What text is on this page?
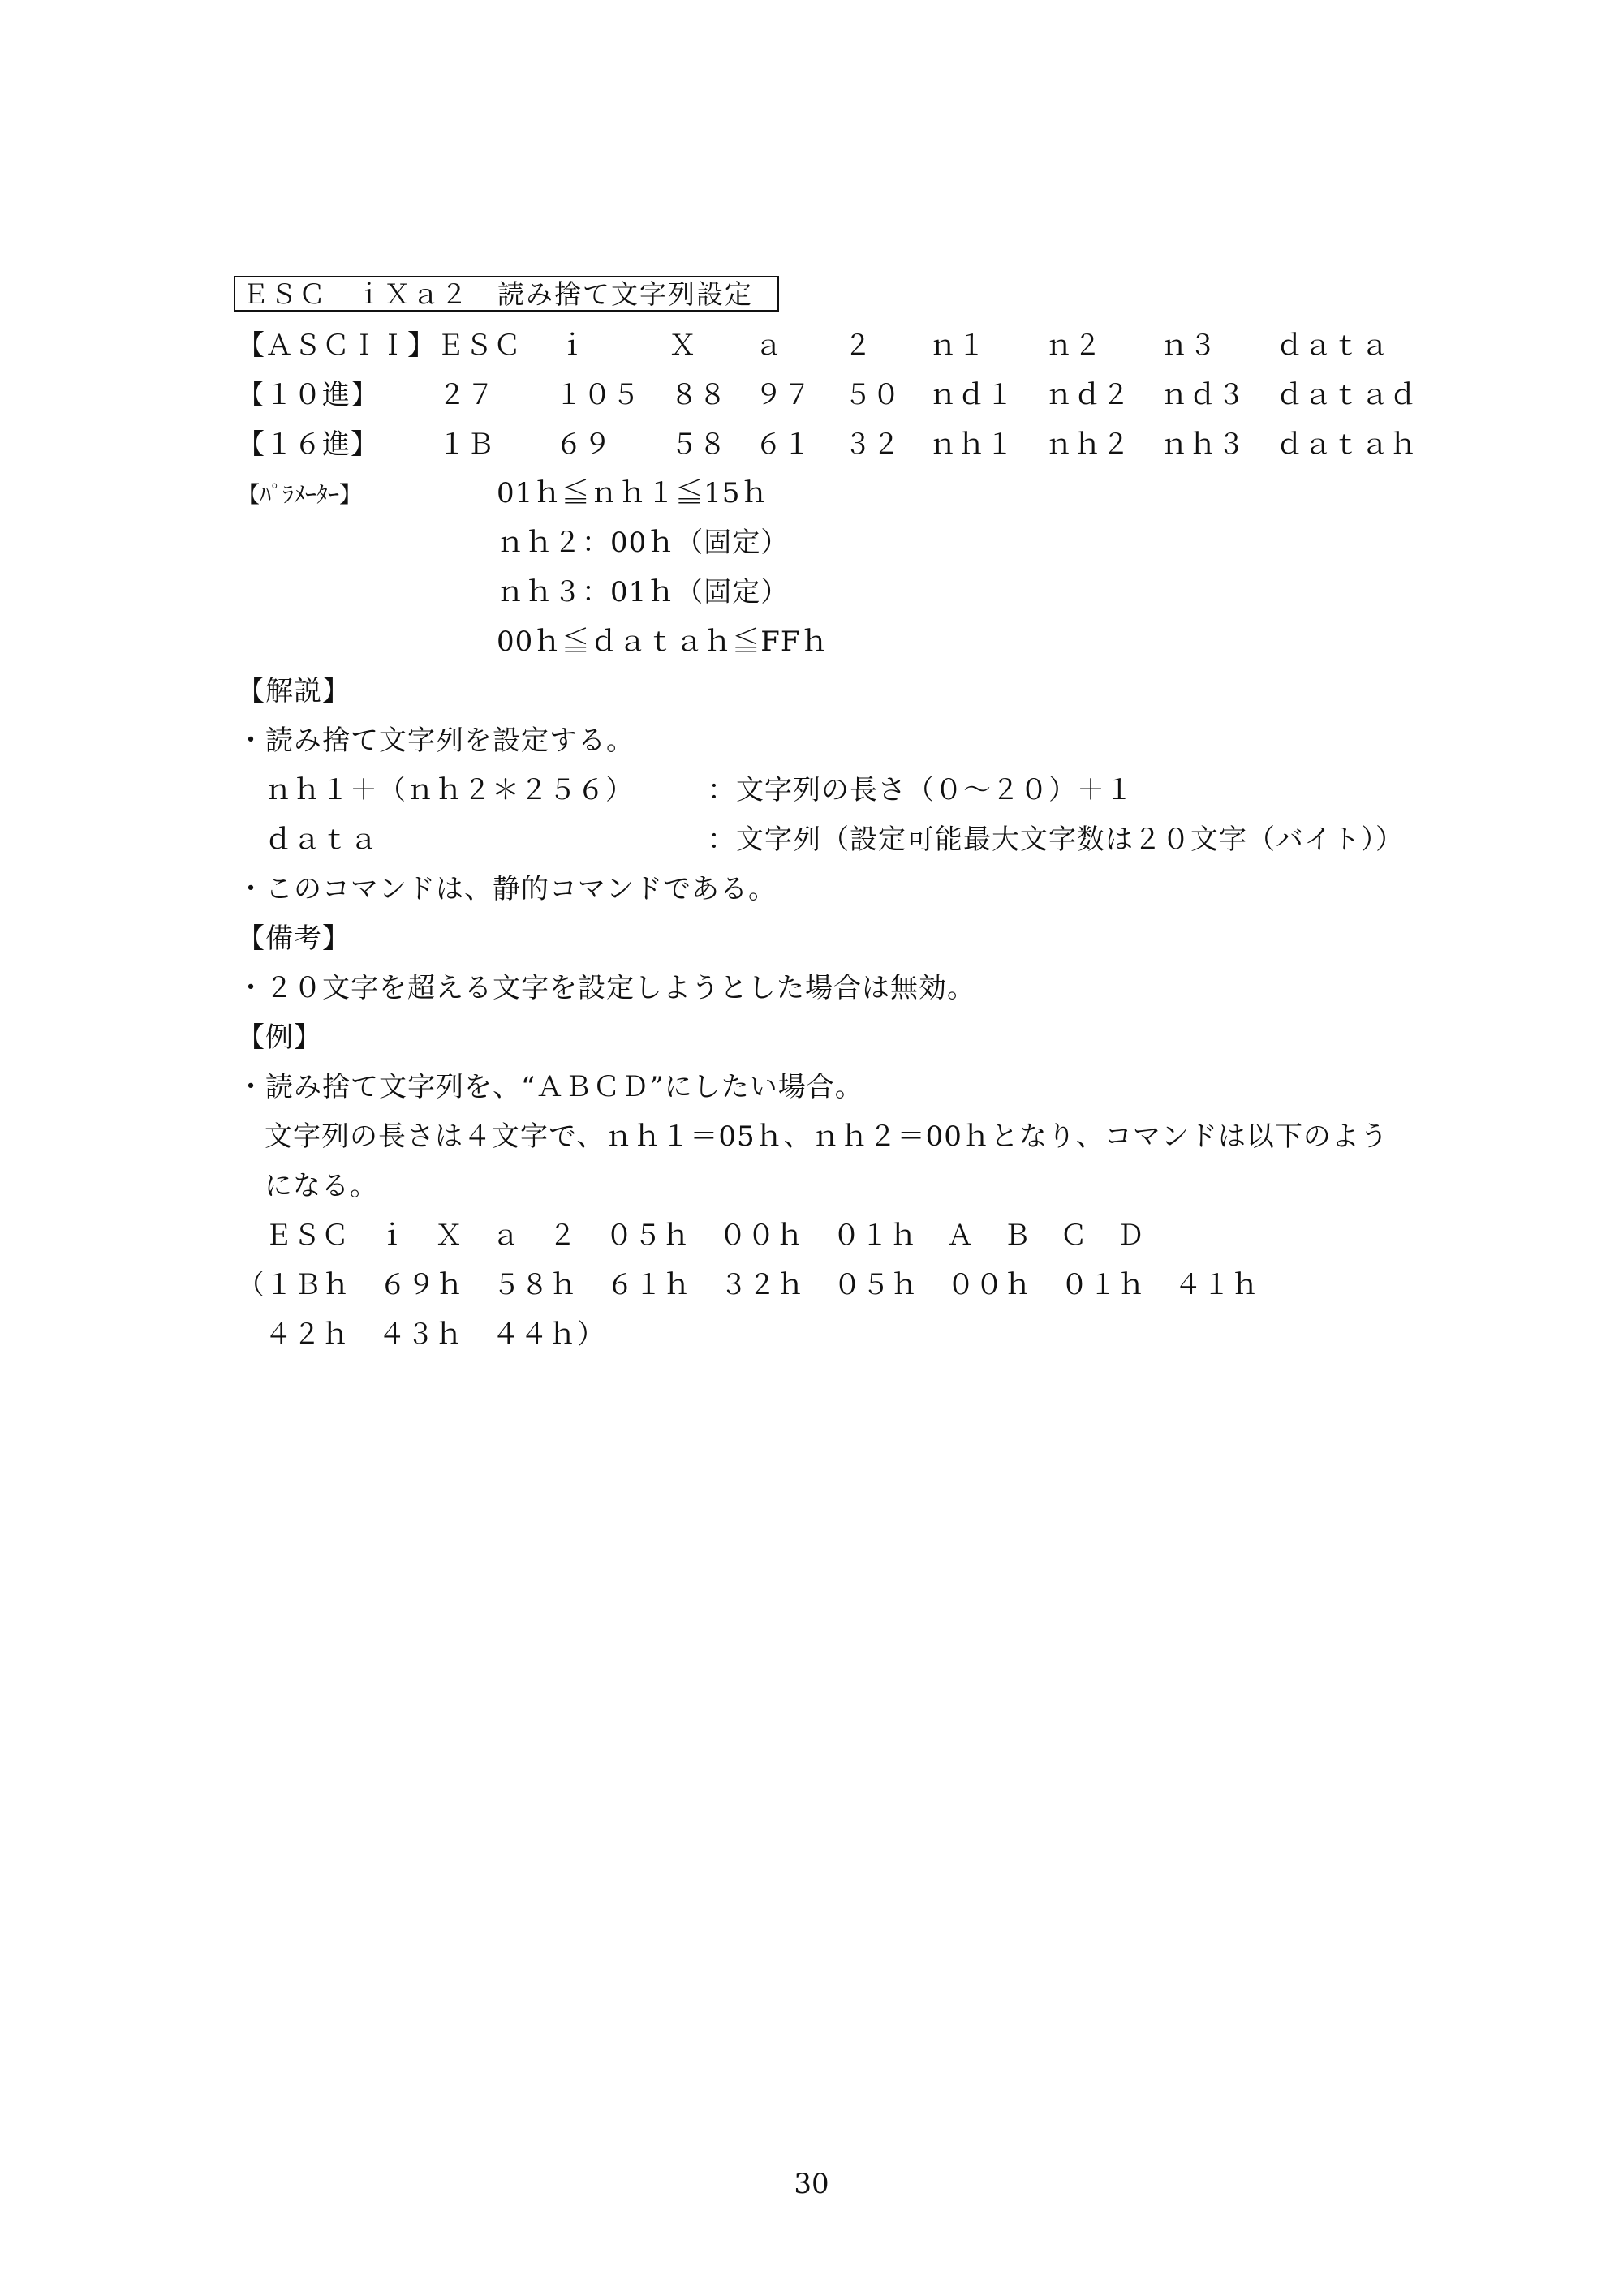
ＥＳＣ　ｉＸａ２　読み捨て文字列設定
【ＡＳＣＩＩ】 ＥＳＣ ｉ	Ｘ ａ ２ ｎ１ ｎ２ ｎ３ ｄａｔａ
【１０進】 ２７ １０５ ８８ ９７ ５０ ｎｄ１ ｎｄ２ ｎｄ３ ｄａｔａｄ
【１６進】 １Ｂ ６９ ５８ ６１ ３２ ｎｈ１ ｎｈ２ ｎｈ３ ｄａｔａｈ
【ﾊﾟﾗﾒｰﾀｰ】	01ｈ≦ｎｈ１≦15ｈ
ｎｈ２：00ｈ（固定）
ｎｈ３：01ｈ（固定）
00ｈ≦ｄａｔａｈ≦FFｈ
【解説】
・読み捨て文字列を設定する。
ｎｈ１＋（ｎｈ２＊２５６）	：文字列の長さ（０～２０）＋１
ｄａｔａ	：文字列（設定可能最大文字数は２０文字（バイト））
・このコマンドは、静的コマンドである。
【備考】
・２０文字を超える文字を設定しようとした場合は無効。
【例】
・読み捨て文字列を、“ＡＢＣＤ”にしたい場合。
文字列の長さは４文字で、ｎｈ１＝05ｈ、ｎｈ２＝00ｈとなり、コマンドは以下のよう
になる。
ＥＳＣ　ｉ　Ｘ　ａ　２　０５ｈ　００ｈ　０１ｈ　Ａ　Ｂ　Ｃ　Ｄ
（１Ｂｈ　６９ｈ　５８ｈ　６１ｈ　３２ｈ　０５ｈ　００ｈ　０１ｈ　４１ｈ
４２ｈ　４３ｈ　４４ｈ）
30
